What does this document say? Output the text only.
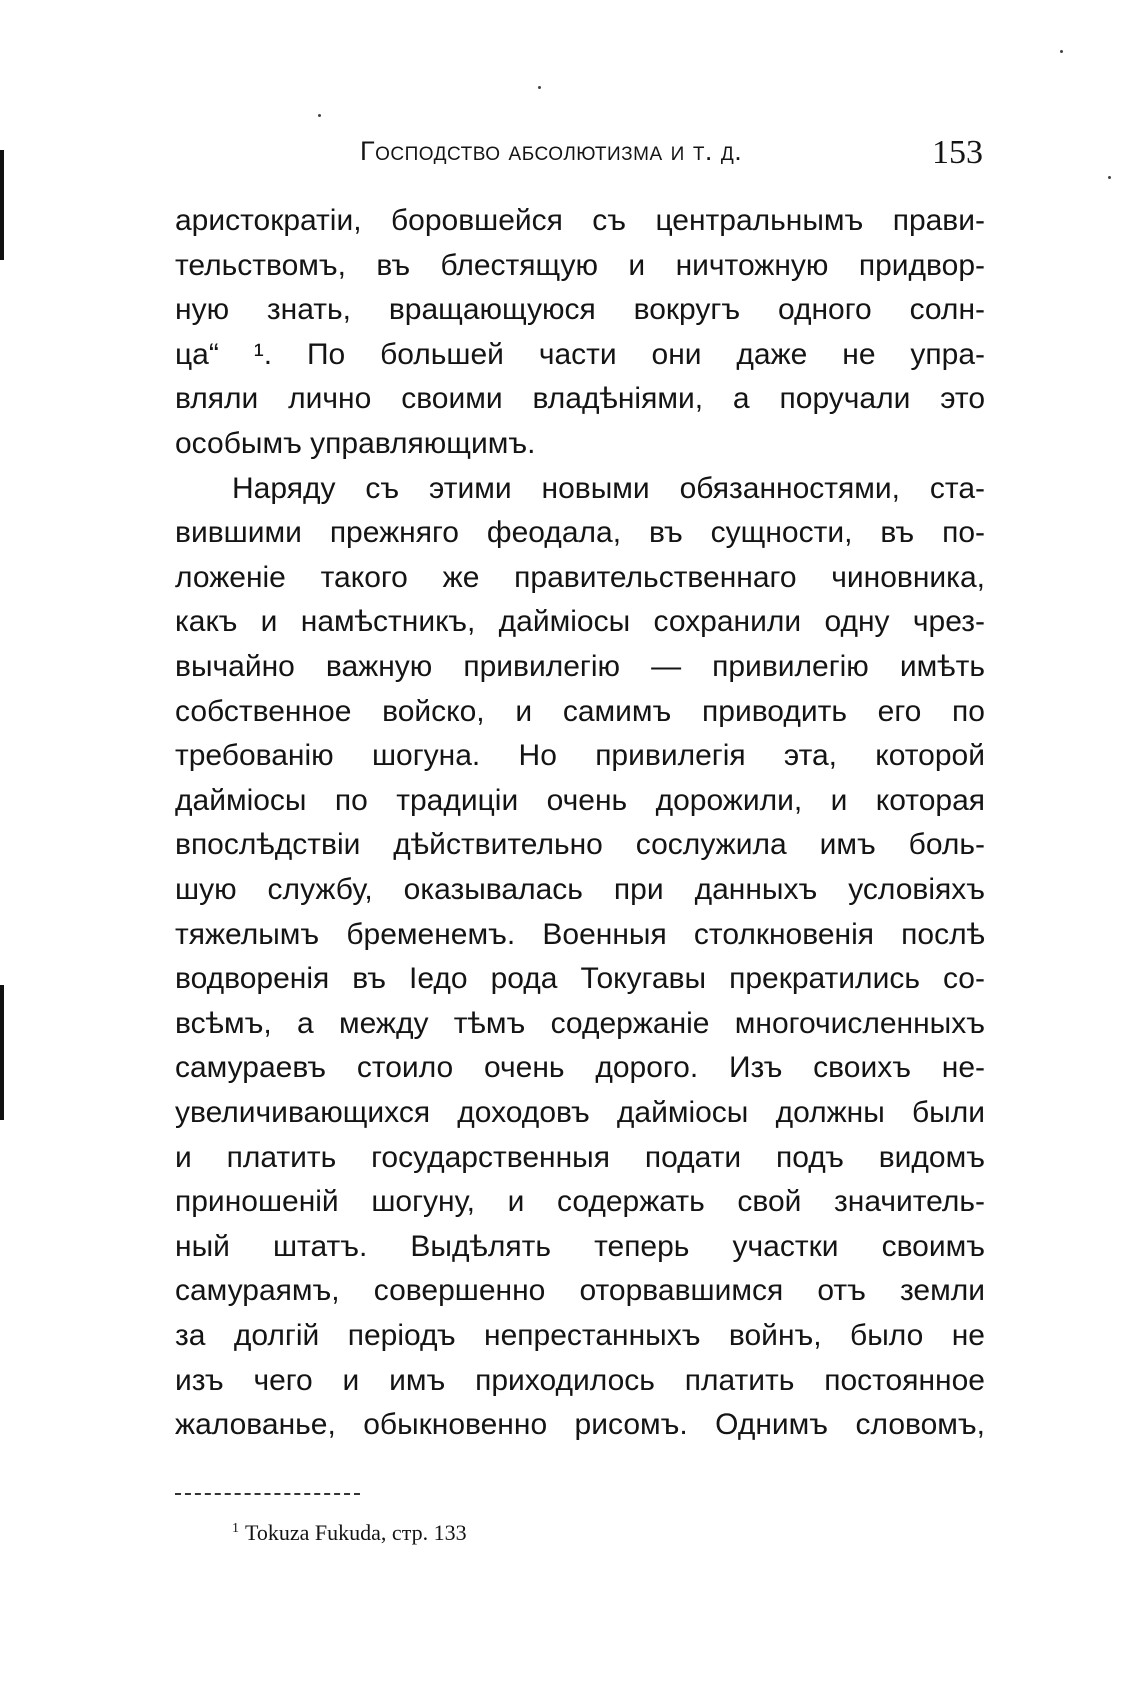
Господство абсолютизма и т. д.	153
аристократіи, боровшейся съ центральнымъ прави-
тельствомъ, въ блестящую и ничтожную придвор-
ную знать, вращающуюся вокругъ одного солн-
ца“ ¹. По большей части они даже не упра-
вляли лично своими владѣніями, а поручали это
особымъ управляющимъ.
Наряду съ этими новыми обязанностями, ста-
вившими прежняго феодала, въ сущности, въ по-
ложеніе такого же правительственнаго чиновника,
какъ и намѣстникъ, дайміосы сохранили одну чрез-
вычайно важную привилегію — привилегію имѣть
собственное войско, и самимъ приводить его по
требованію шогуна. Но привилегія эта, которой
дайміосы по традиціи очень дорожили, и которая
впослѣдствіи дѣйствительно сослужила имъ боль-
шую службу, оказывалась при данныхъ условіяхъ
тяжелымъ бременемъ. Военныя столкновенія послѣ
водворенія въ Іедо рода Токугавы прекратились со-
всѣмъ, а между тѣмъ содержаніе многочисленныхъ
самураевъ стоило очень дорого. Изъ своихъ не-
увеличивающихся доходовъ дайміосы должны были
и платить государственныя подати подъ видомъ
приношеній шогуну, и содержать свой значитель-
ный штатъ. Выдѣлять теперь участки своимъ
самураямъ, совершенно оторвавшимся отъ земли
за долгій періодъ непрестанныхъ войнъ, было не
изъ чего и имъ приходилось платить постоянное
жалованье, обыкновенно рисомъ. Однимъ словомъ,
$^1$ Tokuza Fukuda, стр. 133
